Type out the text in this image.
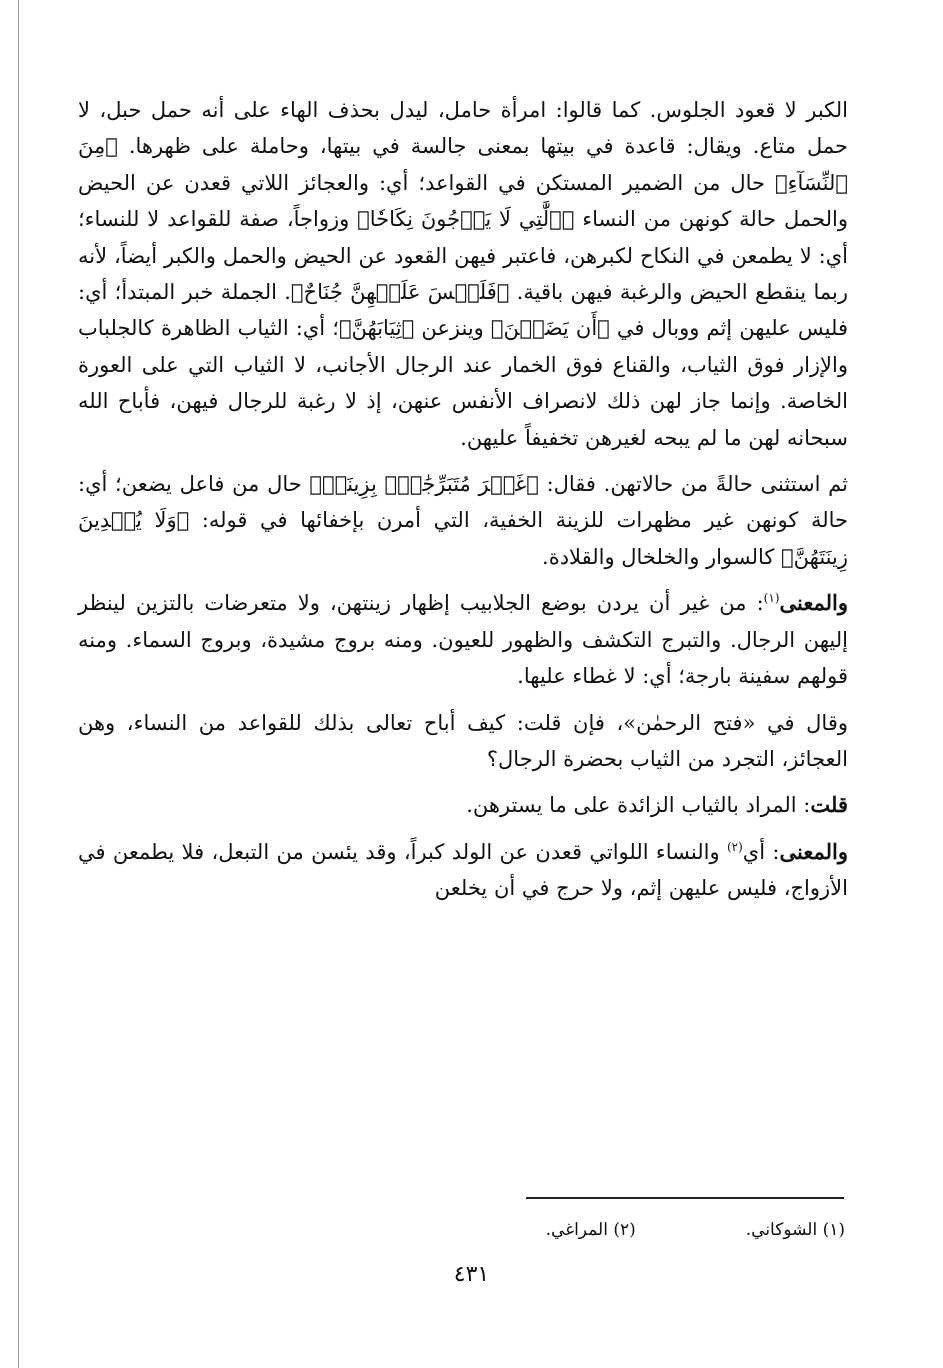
الكبر لا قعود الجلوس. كما قالوا: امرأة حامل، ليدل بحذف الهاء على أنه حمل حبل، لا حمل متاع. ويقال: قاعدة في بيتها بمعنى جالسة في بيتها، وحاملة على ظهرها. ﴿مِنَ ٱلنِّسَآءِ﴾ حال من الضمير المستكن في القواعد؛ أي: والعجائز اللاتي قعدن عن الحيض والحمل حالة كونهن من النساء ﴿ٱلَّٰتِي لَا يَرۡجُونَ نِكَاحٗا﴾ وزواجاً، صفة للقواعد لا للنساء؛ أي: لا يطمعن في النكاح لكبرهن، فاعتبر فيهن القعود عن الحيض والحمل والكبر أيضاً، لأنه ربما ينقطع الحيض والرغبة فيهن باقية. ﴿فَلَيۡسَ عَلَيۡهِنَّ جُنَاحٌ﴾. الجملة خبر المبتدأ؛ أي: فليس عليهن إثم ووبال في ﴿أَن يَضَعۡنَ﴾ وينزعن ﴿ثِيَابَهُنَّ﴾؛ أي: الثياب الظاهرة كالجلباب والإزار فوق الثياب، والقناع فوق الخمار عند الرجال الأجانب، لا الثياب التي على العورة الخاصة. وإنما جاز لهن ذلك لانصراف الأنفس عنهن، إذ لا رغبة للرجال فيهن، فأباح الله سبحانه لهن ما لم يبحه لغيرهن تخفيفاً عليهن.

ثم استثنى حالةً من حالاتهن. فقال: ﴿غَيۡرَ مُتَبَرِّجَٰتِۭ بِزِينَةٖ﴾ حال من فاعل يضعن؛ أي: حالة كونهن غير مظهرات للزينة الخفية، التي أمرن بإخفائها في قوله: ﴿وَلَا يُبۡدِينَ زِينَتَهُنَّ﴾ كالسوار والخلخال والقلادة.

والمعنى$^{(١)}$: من غير أن يردن بوضع الجلابيب إظهار زينتهن، ولا متعرضات بالتزين لينظر إليهن الرجال. والتبرج التكشف والظهور للعيون. ومنه بروج مشيدة، وبروج السماء. ومنه قولهم سفينة بارجة؛ أي: لا غطاء عليها.

وقال في «فتح الرحمٰن»، فإن قلت: كيف أباح تعالى بذلك للقواعد من النساء، وهن العجائز، التجرد من الثياب بحضرة الرجال؟

قلت: المراد بالثياب الزائدة على ما يسترهن.

والمعنى: أي$^{(٢)}$ والنساء اللواتي قعدن عن الولد كبراً، وقد يئسن من التبعل، فلا يطمعن في الأزواج، فليس عليهن إثم، ولا حرج في أن يخلعن

(١) الشوكاني.
(٢) المراغي.
٤٣١
